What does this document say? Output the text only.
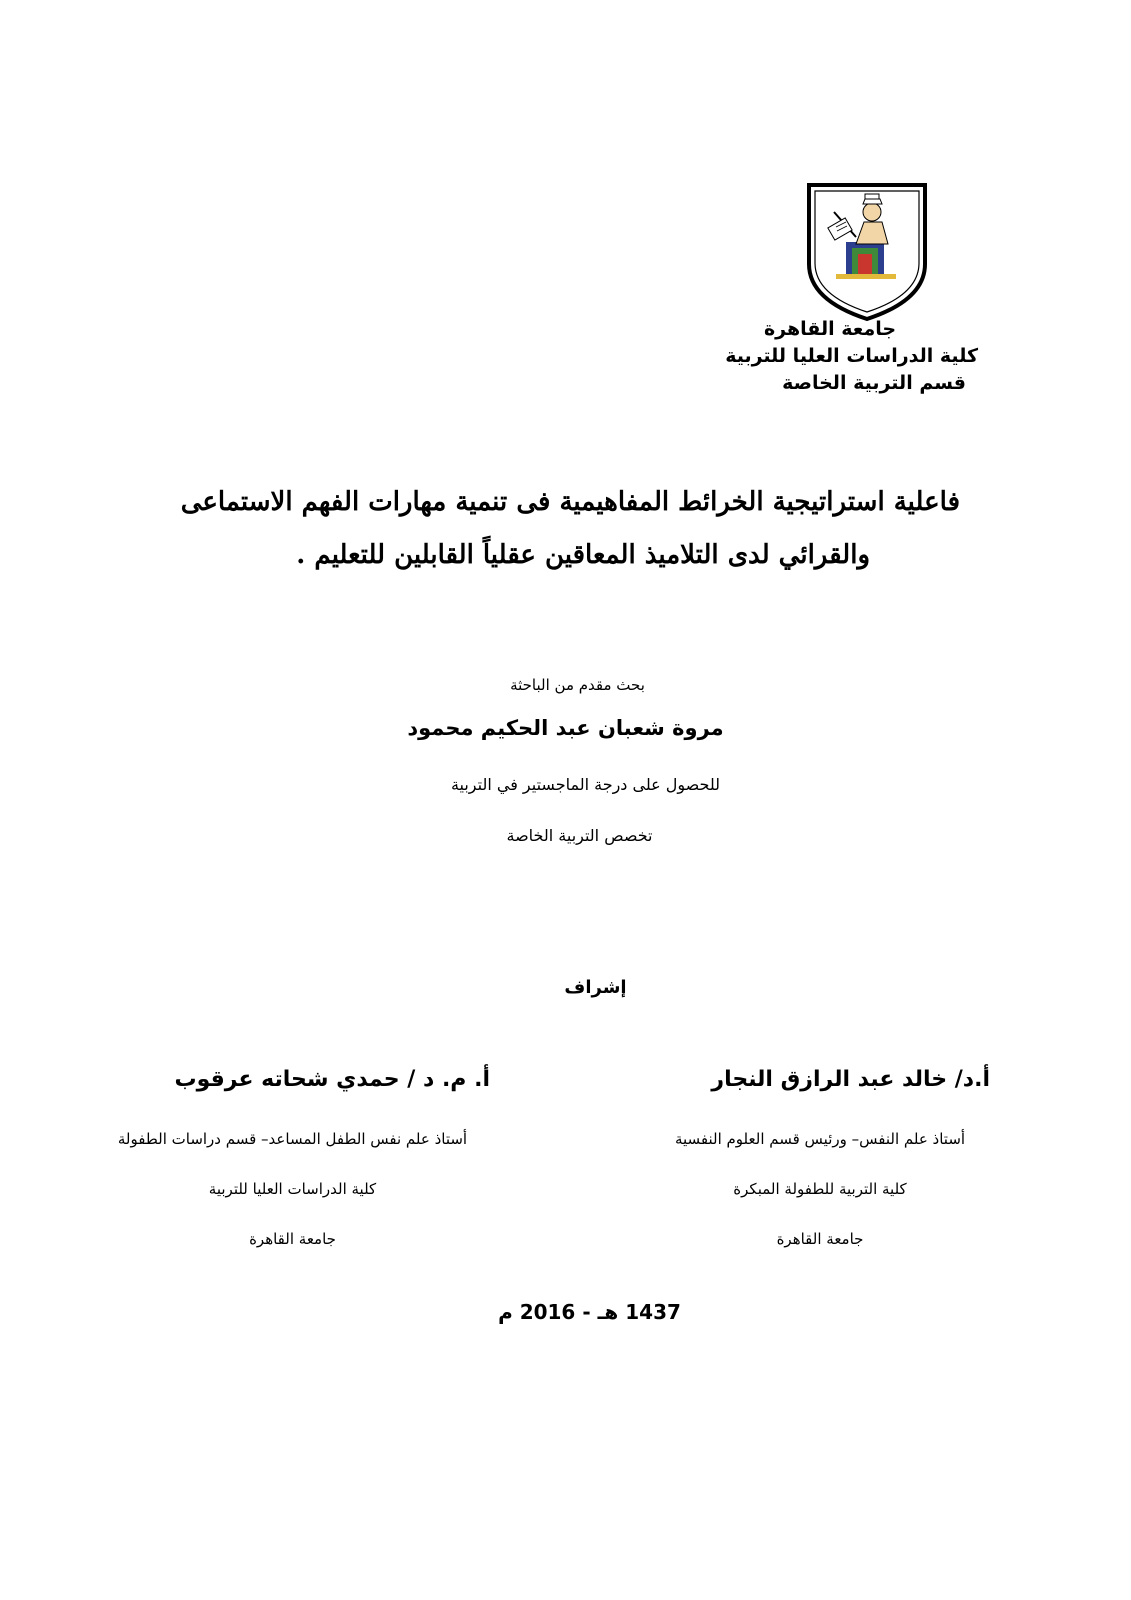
جامعة القاهرة
كلية الدراسات العليا للتربية
قسم التربية الخاصة
فاعلية استراتيجية الخرائط المفاهيمية فى تنمية مهارات الفهم الاستماعى
والقرائي لدى التلاميذ المعاقين عقلياً القابلين للتعليم .
بحث مقدم من الباحثة
مروة شعبان عبد الحكيم محمود
للحصول على درجة الماجستير في التربية
تخصص التربية الخاصة
إشراف
أ.د/ خالد عبد الرازق النجار
أستاذ علم النفس– ورئيس قسم العلوم النفسية
كلية التربية للطفولة المبكرة
جامعة القاهرة
أ. م. د / حمدي شحاته عرقوب
أستاذ علم نفس الطفل المساعد– قسم دراسات الطفولة
كلية الدراسات العليا للتربية
جامعة القاهرة
1437 هـ - 2016 م
